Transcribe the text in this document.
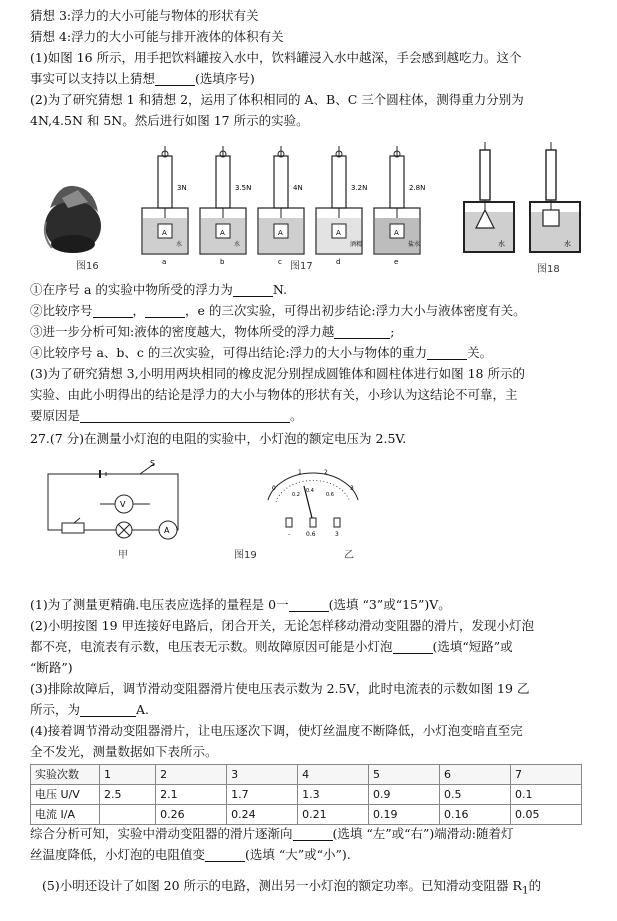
猜想 3:浮力的大小可能与物体的形状有关
猜想 4:浮力的大小可能与排开液体的体积有关
(1)如图 16 所示，用手把饮料罐按入水中，饮料罐浸入水中越深，手会感到越吃力。这个
事实可以支持以上猜想	(选填序号)
(2)为了研究猜想 1 和猜想 2，运用了体积相同的 A、B、C 三个圆柱体，测得重力分别为
4N,4.5N 和 5N。然后进行如图 17 所示的实验。
图16
3N	3.5N	4N	3.2N	2.8N
A	A	A	A	A
水	水	酒精	盐水
a	b	c	d	e
图17
水	水
图18
①在序号 a 的实验中物所受的浮力为	N.
②比较序号	，	，e 的三次实验，可得出初步结论:浮力大小与液体密度有关。
③进一步分析可知:液体的密度越大，物体所受的浮力越	;
④比较序号 a、b、c 的三次实验，可得出结论:浮力的大小与物体的重力	关。
(3)为了研究猜想 3,小明用两块相同的橡皮泥分别捏成圆锥体和圆柱体进行如图 18 所示的
实验、由此小明得出的结论是浮力的大小与物体的形状有关，小珍认为这结论不可靠，主
要原因是	。
27.(7 分)在测量小灯泡的电阻的实验中，小灯泡的额定电压为 2.5V.
S
V
A
甲
0
1	2
3
0.2
0.4
0.6
-	0.6	3
图19	乙
(1)为了测量更精确.电压表应选择的量程是 0一	(选填 “3”或“15”)V。
(2)小明按图 19 甲连接好电路后，闭合开关，无论怎样移动滑动变阻器的滑片，发现小灯泡
都不亮，电流表有示数，电压表无示数。则故障原因可能是小灯泡	(选填“短路”或
“断路”)
(3)排除故障后，调节滑动变阻器滑片使电压表示数为 2.5V，此时电流表的示数如图 19 乙
所示，为	A.
(4)接着调节滑动变阻器滑片，让电压逐次下调，使灯丝温度不断降低，小灯泡变暗直至完
全不发光，测量数据如下表所示。
实验次数	1	2	3	4	5	6	7
电压 U/V	2.5	2.1	1.7	1.3	0.9	0.5	0.1
电流 I/A		0.26	0.24	0.21	0.19	0.16	0.05
综合分析可知，实验中滑动变阻器的滑片逐渐向	(选填 “左”或“右”)端滑动:随着灯
丝温度降低，小灯泡的电阻值变	(选填 “大”或“小”).
(5)小明还设计了如图 20 所示的电路，测出另一小灯泡的额定功率。已知滑动变阻器 $R_1$的
